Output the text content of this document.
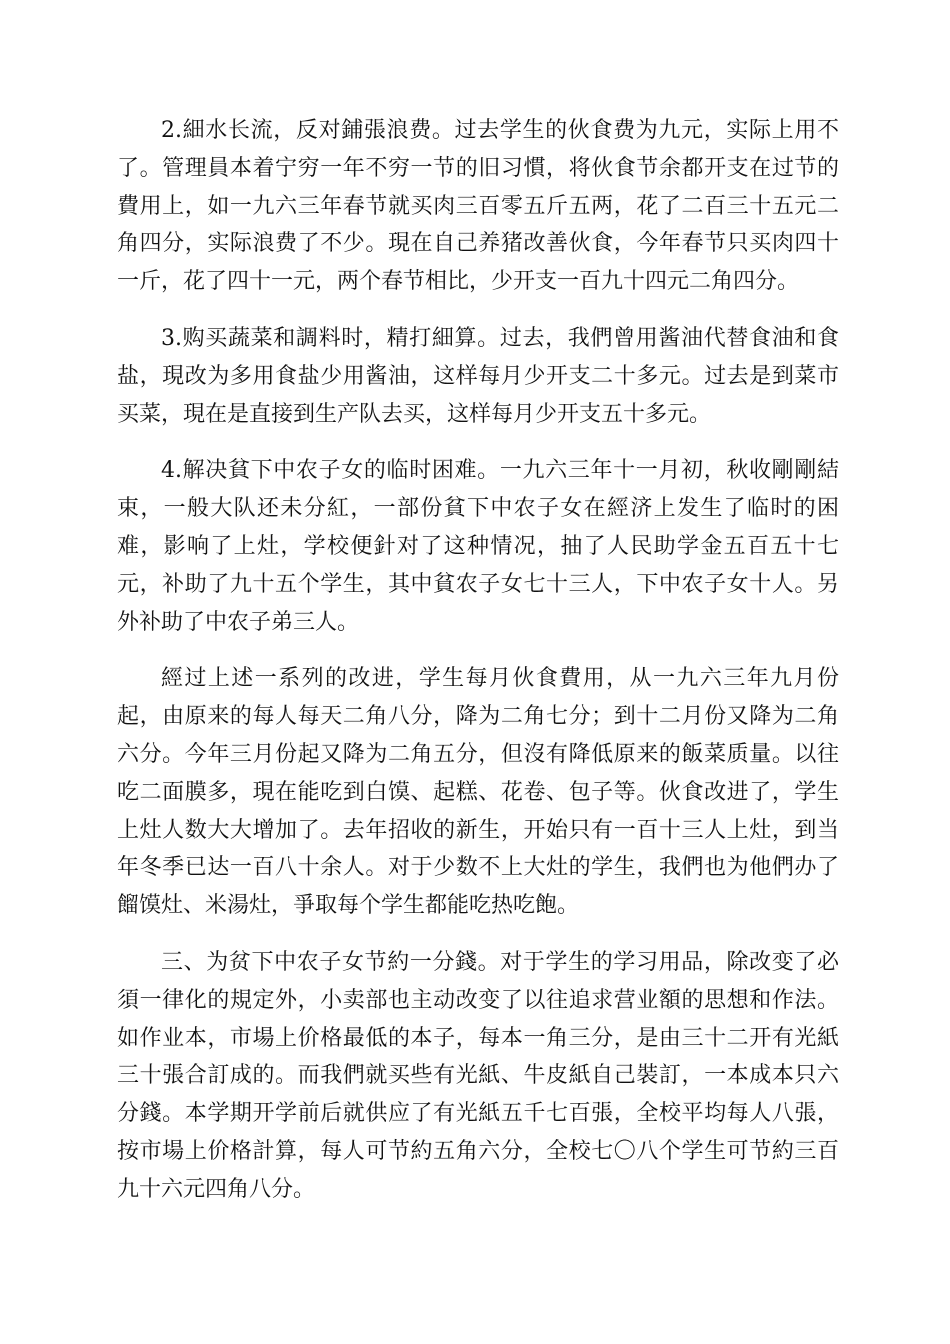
2.細水长流，反对鋪張浪费。过去学生的伙食费为九元，实际上用不了。管理員本着宁穷一年不穷一节的旧习慣，将伙食节余都开支在过节的費用上，如一九六三年春节就买肉三百零五斤五两，花了二百三十五元二角四分，实际浪费了不少。現在自己养猪改善伙食，今年春节只买肉四十一斤，花了四十一元，两个春节相比，少开支一百九十四元二角四分。

3.购买蔬菜和調料时，精打細算。过去，我們曾用酱油代替食油和食盐，現改为多用食盐少用酱油，这样每月少开支二十多元。过去是到菜市买菜，現在是直接到生产队去买，这样每月少开支五十多元。

4.解决貧下中农子女的临时困难。一九六三年十一月初，秋收剛剛結束，一般大队还未分紅，一部份貧下中农子女在經济上发生了临时的困难，影响了上灶，学校便針对了这种情况，抽了人民助学金五百五十七元，补助了九十五个学生，其中貧农子女七十三人，下中农子女十人。另外补助了中农子弟三人。

經过上述一系列的改进，学生每月伙食費用，从一九六三年九月份起，由原来的每人每天二角八分，降为二角七分；到十二月份又降为二角六分。今年三月份起又降为二角五分，但沒有降低原来的飯菜质量。以往吃二面膜多，現在能吃到白馍、起糕、花卷、包子等。伙食改进了，学生上灶人数大大增加了。去年招收的新生，开始只有一百十三人上灶，到当年冬季已达一百八十余人。对于少数不上大灶的学生，我們也为他們办了餾馍灶、米湯灶，爭取每个学生都能吃热吃飽。

三、为贫下中农子女节約一分錢。对于学生的学习用品，除改变了必須一律化的規定外，小卖部也主动改变了以往追求营业額的思想和作法。如作业本，市場上价格最低的本子，每本一角三分，是由三十二开有光紙三十張合訂成的。而我們就买些有光紙、牛皮紙自己裝訂，一本成本只六分錢。本学期开学前后就供应了有光紙五千七百張，全校平均每人八張，按市場上价格計算，每人可节約五角六分，全校七〇八个学生可节約三百九十六元四角八分。
